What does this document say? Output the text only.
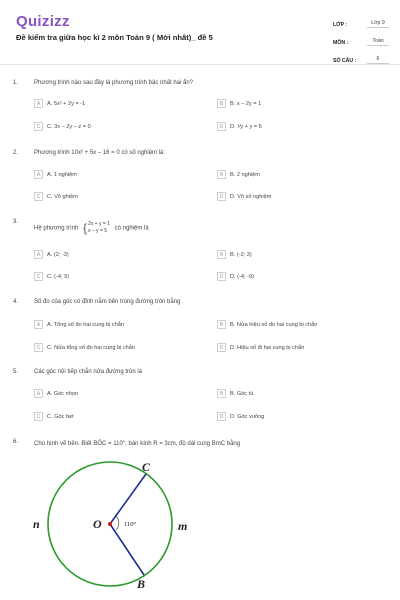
Quizizz
Đề kiểm tra giữa học kì 2 môn Toán 9 ( Mới nhất)_ đề 5
LỚP :	Lớp 9
MÔN :	Toán
SỐ CÂU :	6
1.	Phương trình nào sau đây là phương trình bậc nhất hai ẩn?
A	A. 5x² + 2y = -1	B	B. x – 2y = 1
C	C. 3x – 2y – z = 0	D	D. ⅟y + y = 5
2.	Phương trình 10x² + 5x – 16 = 0 có số nghiệm là:
A	A. 1 nghiệm	B	B. 2 nghiệm
C	C. Vô ghiệm	D	D. Vô số nghiệm
3.
Hệ phương trình { 2x + y = 1
x – y = 5	có nghiệm là
A	A. (2; -3)	B	B. (-2; 3)
C	C. (-4; 9)	D	D. (-4; -9)
4.	Số đo của góc có đỉnh nằm bên trong đường tròn bằng
A	A. Tổng số đo hai cung bị chắn	B	B. Nửa hiệu số đo hai cung bị chắn
C	C. Nửa tổng số đo hai cung bị chắn	D	D. Hiệu số đi hai cung bị chắn
5.	Các góc nội tiếp chắn nửa đường tròn là
A	A. Góc nhọn	B	B. Góc tù
C	C. Góc bẹt	D	D. Góc vuông
6.	Cho hình vẽ bên. Biết BÔC = 110°, bán kính R = 3cm, độ dài cung BmC bằng
C
B
O
n	m
110°
